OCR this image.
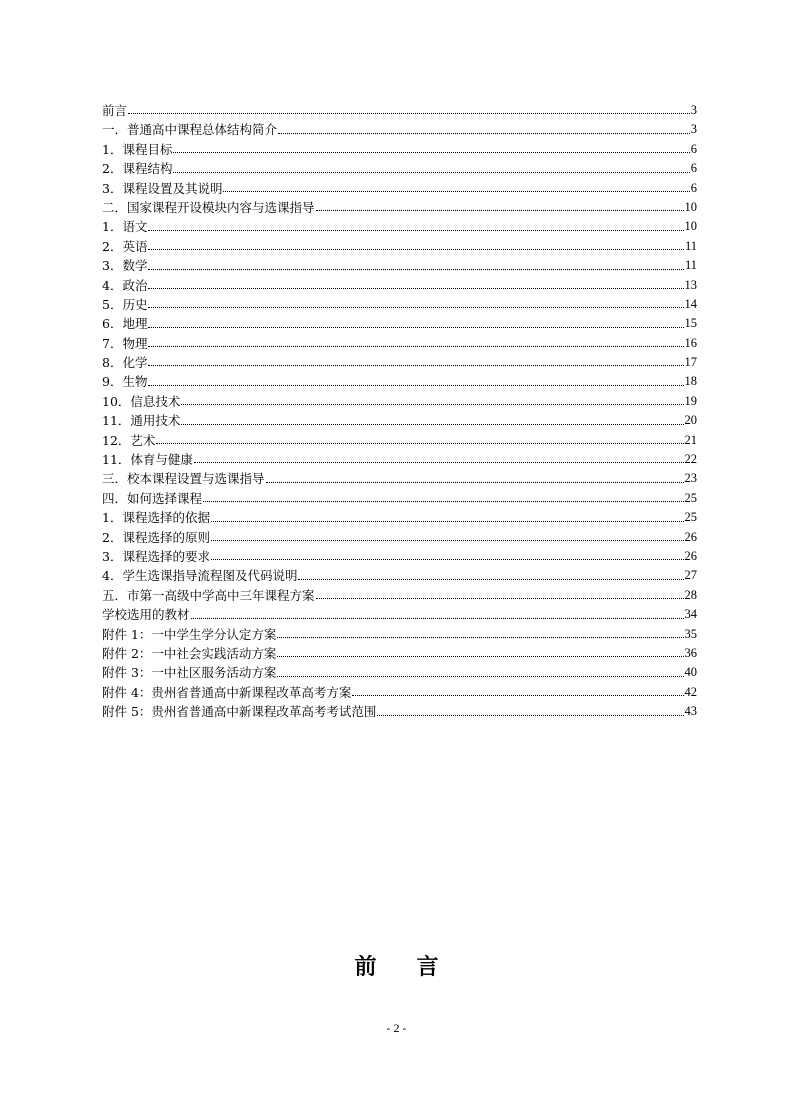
前言	3
一．普通高中课程总体结构简介	3
1．课程目标	6
2．课程结构	6
3．课程设置及其说明	6
二．国家课程开设模块内容与选课指导	10
1．语文	10
2．英语	11
3．数学	11
4．政治	13
5．历史	14
6．地理	15
7．物理	16
8．化学	17
9．生物	18
10．信息技术	19
11．通用技术	20
12．艺术	21
11．体育与健康	22
三．校本课程设置与选课指导	23
四．如何选择课程	25
1．课程选择的依据	25
2．课程选择的原则	26
3．课程选择的要求	26
4．学生选课指导流程图及代码说明	27
五．市第一高级中学高中三年课程方案	28
学校选用的教材	34
附件 1：一中学生学分认定方案	35
附件 2：一中社会实践活动方案	36
附件 3：一中社区服务活动方案	40
附件 4：贵州省普通高中新课程改革高考方案	42
附件 5：贵州省普通高中新课程改革高考考试范围	43
前言
- 2 -
